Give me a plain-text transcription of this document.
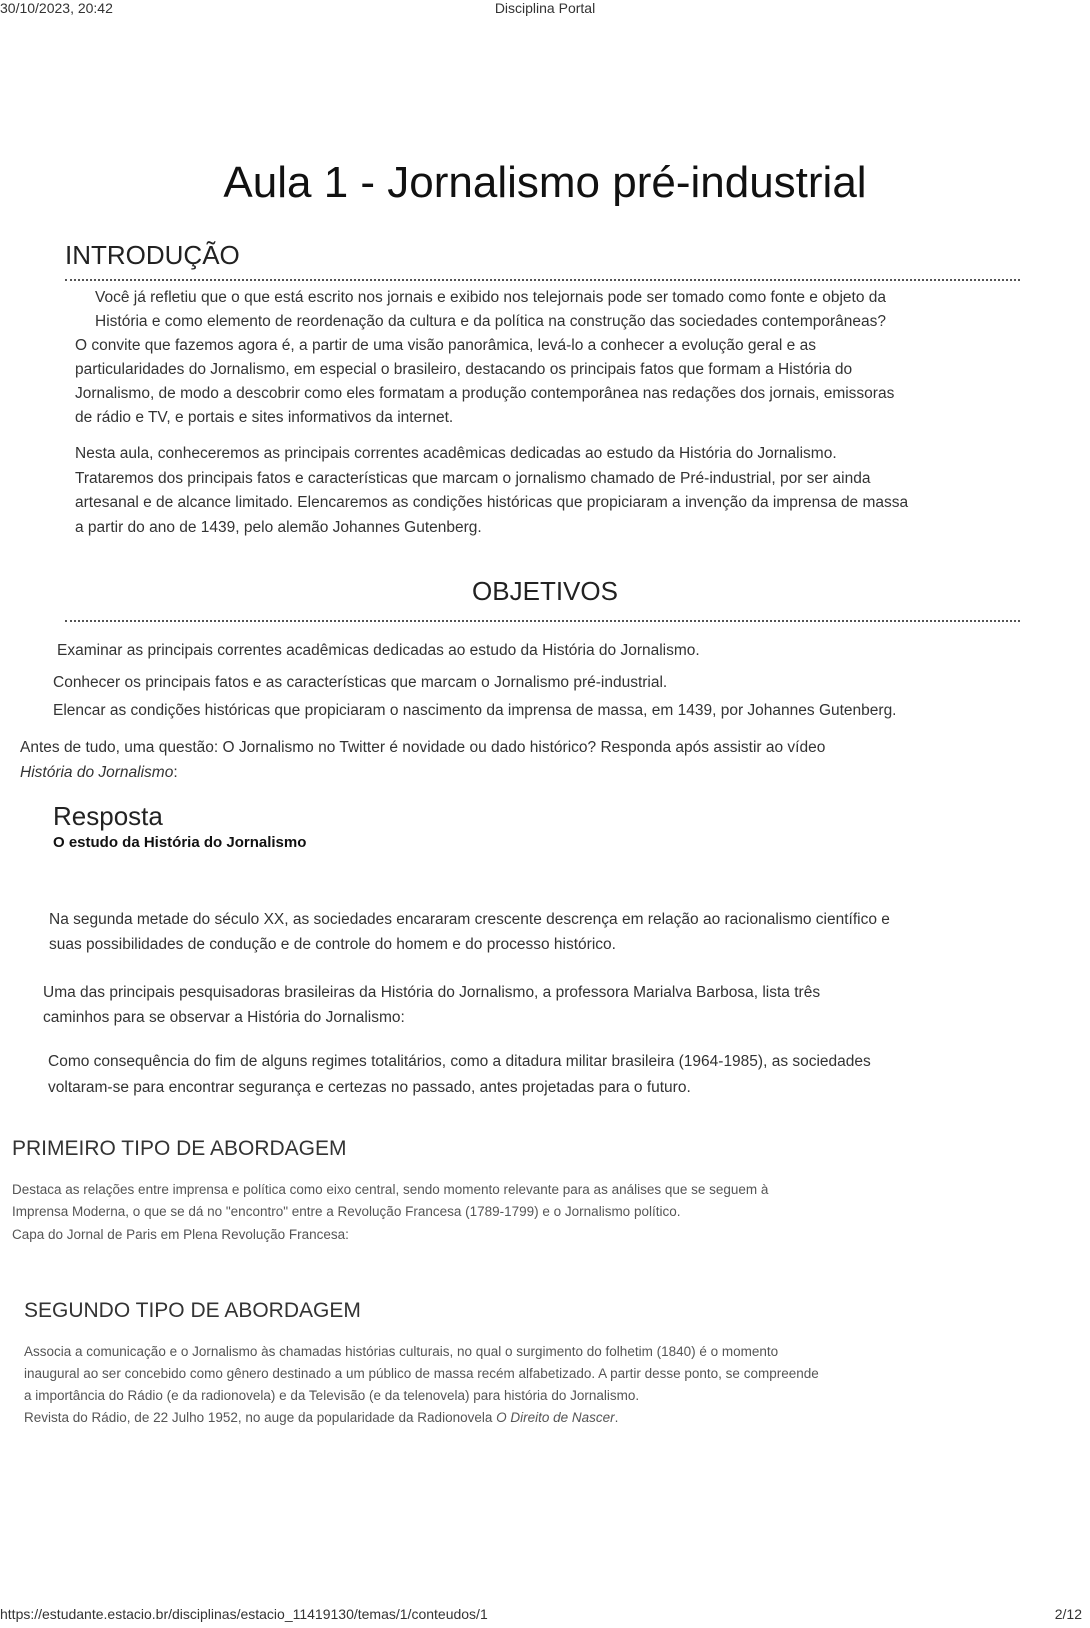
30/10/2023, 20:42	Disciplina Portal
Aula 1 - Jornalismo pré-industrial
INTRODUÇÃO
Você já refletiu que o que está escrito nos jornais e exibido nos telejornais pode ser tomado como fonte e objeto da
História e como elemento de reordenação da cultura e da política na construção das sociedades contemporâneas?
O convite que fazemos agora é, a partir de uma visão panorâmica, levá-lo a conhecer a evolução geral e as
particularidades do Jornalismo, em especial o brasileiro, destacando os principais fatos que formam a História do
Jornalismo, de modo a descobrir como eles formatam a produção contemporânea nas redações dos jornais, emissoras
de rádio e TV, e portais e sites informativos da internet.
Nesta aula, conheceremos as principais correntes acadêmicas dedicadas ao estudo da História do Jornalismo.
Trataremos dos principais fatos e características que marcam o jornalismo chamado de Pré-industrial, por ser ainda
artesanal e de alcance limitado. Elencaremos as condições históricas que propiciaram a invenção da imprensa de massa
a partir do ano de 1439, pelo alemão Johannes Gutenberg.
OBJETIVOS
Examinar as principais correntes acadêmicas dedicadas ao estudo da História do Jornalismo.
Conhecer os principais fatos e as características que marcam o Jornalismo pré-industrial.
Elencar as condições históricas que propiciaram o nascimento da imprensa de massa, em 1439, por Johannes Gutenberg.
Antes de tudo, uma questão: O Jornalismo no Twitter é novidade ou dado histórico? Responda após assistir ao vídeo
História do Jornalismo:
Resposta
O estudo da História do Jornalismo
Na segunda metade do século XX, as sociedades encararam crescente descrença em relação ao racionalismo científico e
suas possibilidades de condução e de controle do homem e do processo histórico.
Uma das principais pesquisadoras brasileiras da História do Jornalismo, a professora Marialva Barbosa, lista três
caminhos para se observar a História do Jornalismo:
Como consequência do fim de alguns regimes totalitários, como a ditadura militar brasileira (1964-1985), as sociedades
voltaram-se para encontrar segurança e certezas no passado, antes projetadas para o futuro.
PRIMEIRO TIPO DE ABORDAGEM
Destaca as relações entre imprensa e política como eixo central, sendo momento relevante para as análises que se seguem à
Imprensa Moderna, o que se dá no "encontro" entre a Revolução Francesa (1789-1799) e o Jornalismo político.
Capa do Jornal de Paris em Plena Revolução Francesa:
SEGUNDO TIPO DE ABORDAGEM
Associa a comunicação e o Jornalismo às chamadas histórias culturais, no qual o surgimento do folhetim (1840) é o momento
inaugural ao ser concebido como gênero destinado a um público de massa recém alfabetizado. A partir desse ponto, se compreende
a importância do Rádio (e da radionovela) e da Televisão (e da telenovela) para história do Jornalismo.
Revista do Rádio, de 22 Julho 1952, no auge da popularidade da Radionovela O Direito de Nascer.
https://estudante.estacio.br/disciplinas/estacio_11419130/temas/1/conteudos/1	2/12
